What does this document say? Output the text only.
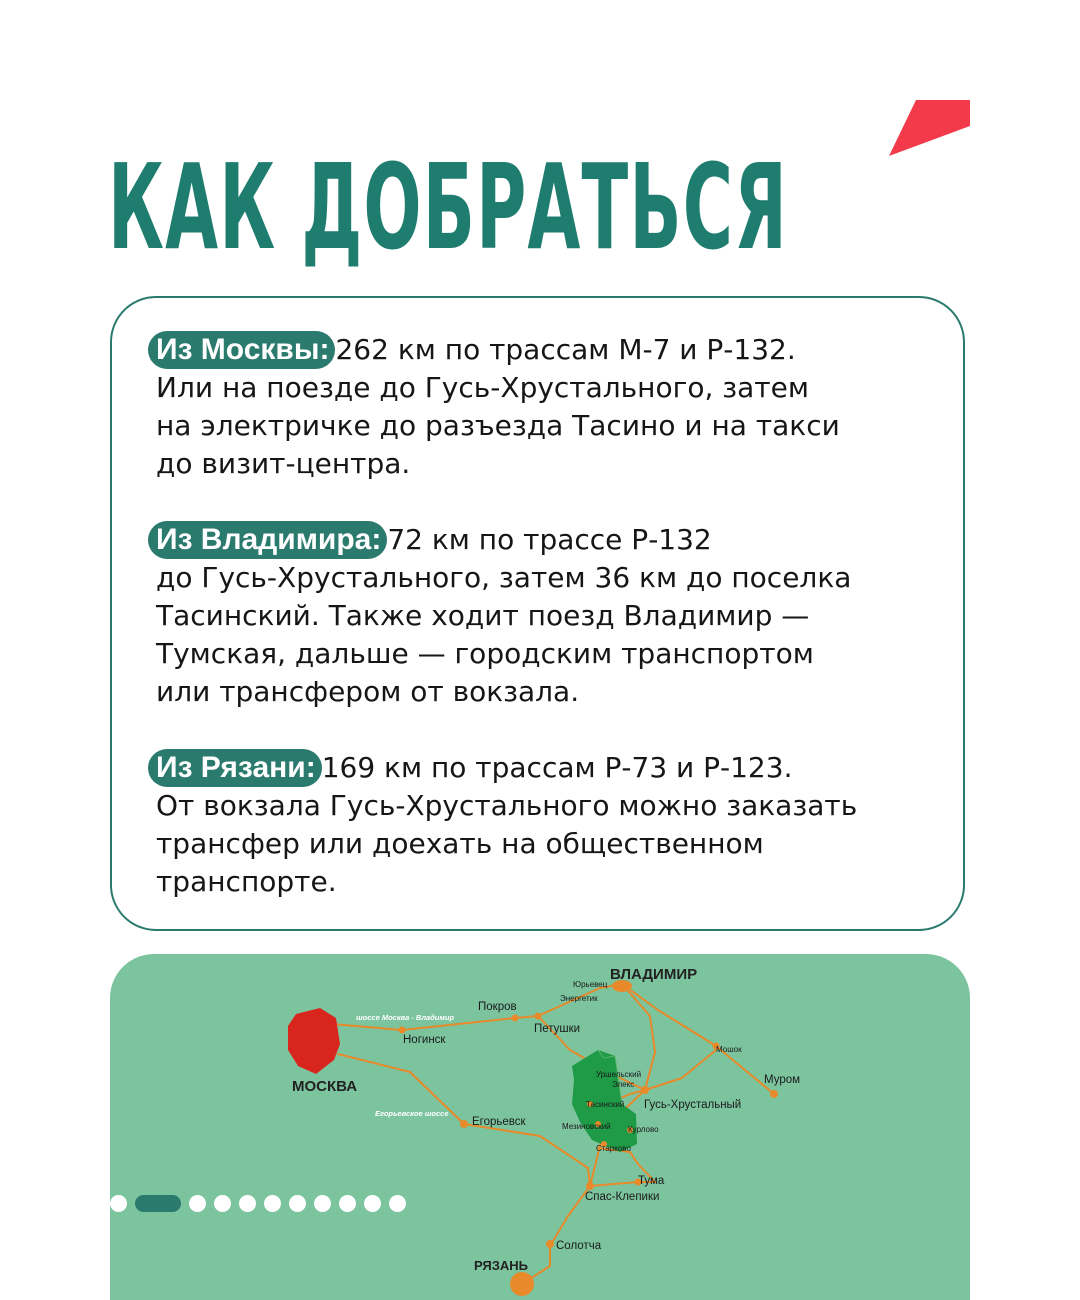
КАК ДОБРАТЬСЯ
Из Москвы: 262 км по трассам М-7 и Р-132.
Или на поезде до Гусь-Хрустального, затем
на электричке до разъезда Тасино и на такси
до визит-центра.
Из Владимира: 72 км по трассе Р-132
до Гусь-Хрустального, затем 36 км до поселка
Тасинский. Также ходит поезд Владимир —
Тумская, дальше — городским транспортом
или трансфером от вокзала.
Из Рязани: 169 км по трассам Р-73 и Р-123.
От вокзала Гусь-Хрустального можно заказать
трансфер или доехать на общественном
транспорте.
ВЛАДИМИР
Юрьевец
Энергетик
Покров
Петушки
Ногинск
шоссе Москва - Владимир
МОСКВА
Егорьевское шоссе
Егорьевск
Мошок
Муром
Уршельский
Элекс
Тасинский Гусь-Хрустальный
Мезиновский Курлово
Старково
Тума
Спас-Клепики
Солотча
РЯЗАНЬ
